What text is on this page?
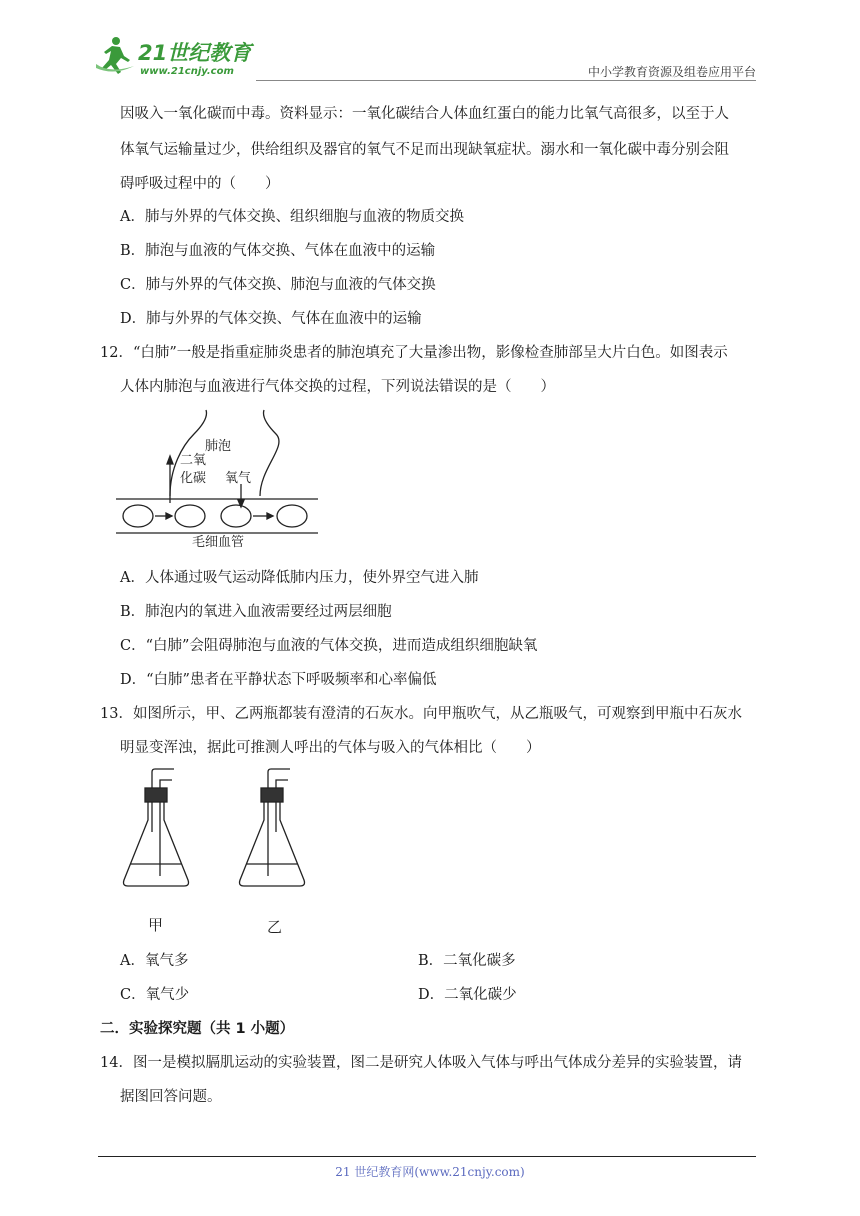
21世纪教育
www.21cnjy.com	中小学教育资源及组卷应用平台
因吸入一氧化碳而中毒。资料显示：一氧化碳结合人体血红蛋白的能力比氧气高很多，以至于人
体氧气运输量过少，供给组织及器官的氧气不足而出现缺氧症状。溺水和一氧化碳中毒分别会阻
碍呼吸过程中的（　　）
A．肺与外界的气体交换、组织细胞与血液的物质交换
B．肺泡与血液的气体交换、气体在血液中的运输
C．肺与外界的气体交换、肺泡与血液的气体交换
D．肺与外界的气体交换、气体在血液中的运输
12．“白肺”一般是指重症肺炎患者的肺泡填充了大量渗出物，影像检查肺部呈大片白色。如图表示
人体内肺泡与血液进行气体交换的过程，下列说法错误的是（　　）
肺泡
二氧
化碳 氧气
毛细血管
A．人体通过吸气运动降低肺内压力，使外界空气进入肺
B．肺泡内的氧进入血液需要经过两层细胞
C．“白肺”会阻碍肺泡与血液的气体交换，进而造成组织细胞缺氧
D．“白肺”患者在平静状态下呼吸频率和心率偏低
13．如图所示，甲、乙两瓶都装有澄清的石灰水。向甲瓶吹气，从乙瓶吸气，可观察到甲瓶中石灰水
明显变浑浊，据此可推测人呼出的气体与吸入的气体相比（　　）
甲	乙
A．氧气多	B．二氧化碳多
C．氧气少	D．二氧化碳少
二．实验探究题（共 1 小题）
14．图一是模拟膈肌运动的实验装置，图二是研究人体吸入气体与呼出气体成分差异的实验装置，请
据图回答问题。
21 世纪教育网(www.21cnjy.com)
